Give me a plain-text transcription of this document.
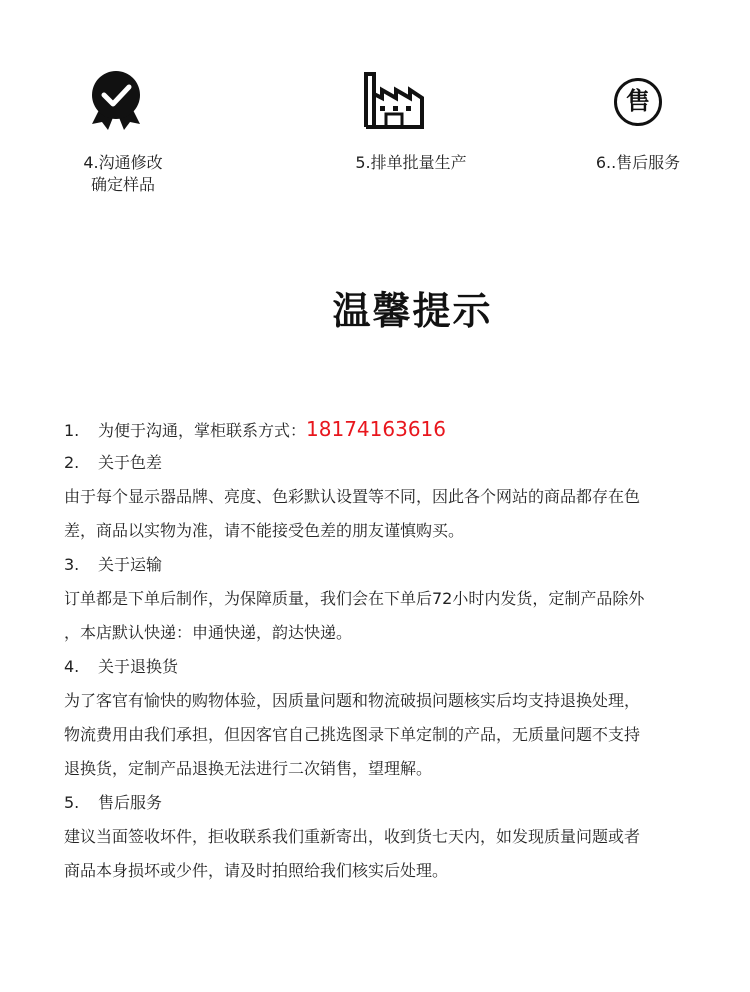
4.沟通修改
确定样品
5.排单批量生产
售
6..售后服务
温馨提示
1. 为便于沟通，掌柜联系方式：18174163616
2. 关于色差
由于每个显示器品牌、亮度、色彩默认设置等不同，因此各个网站的商品都存在色
差，商品以实物为准，请不能接受色差的朋友谨慎购买。
3. 关于运输
订单都是下单后制作，为保障质量，我们会在下单后72小时内发货，定制产品除外
，本店默认快递：申通快递，韵达快递。
4. 关于退换货
为了客官有愉快的购物体验，因质量问题和物流破损问题核实后均支持退换处理，
物流费用由我们承担，但因客官自己挑选图录下单定制的产品，无质量问题不支持
退换货，定制产品退换无法进行二次销售，望理解。
5. 售后服务
建议当面签收坏件，拒收联系我们重新寄出，收到货七天内，如发现质量问题或者
商品本身损坏或少件，请及时拍照给我们核实后处理。
